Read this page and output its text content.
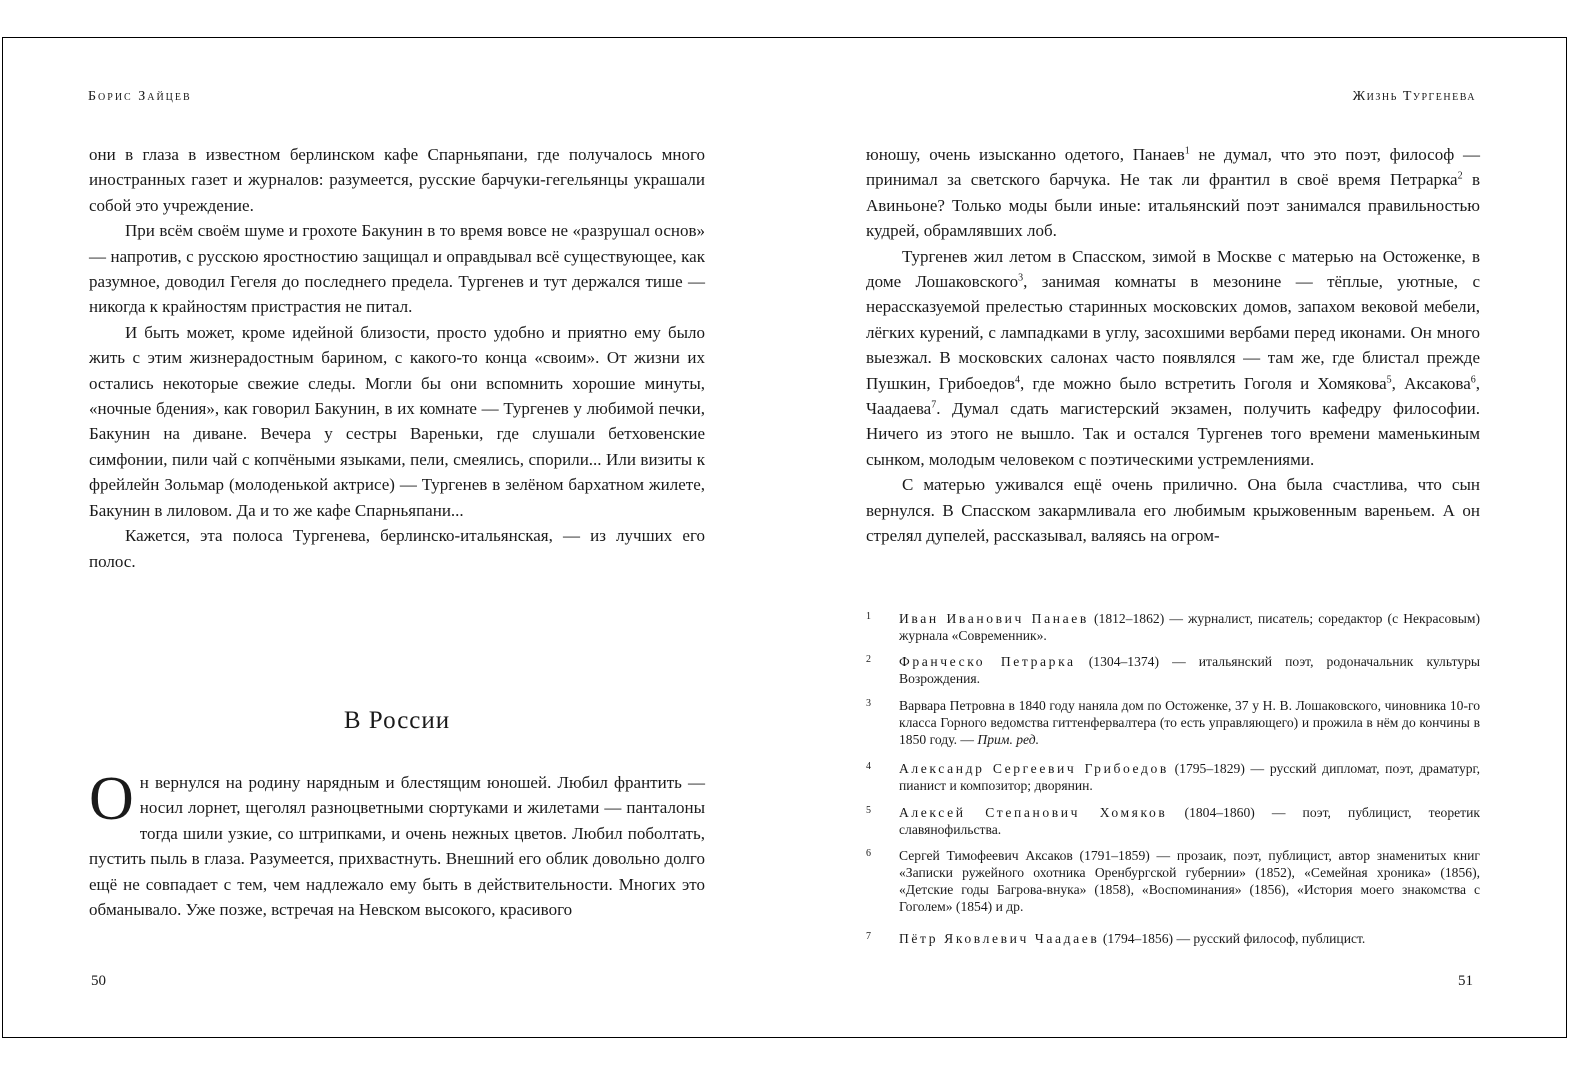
Борис Зайцев

они в глаза в известном берлинском кафе Спарньяпани, где получалось много иностранных газет и журналов: разумеется, русские барчуки-гегельянцы украшали собой это учреждение.

При всём своём шуме и грохоте Бакунин в то время вовсе не «разрушал основ» — напротив, с русскою яростностию защищал и оправдывал всё существующее, как разумное, доводил Гегеля до последнего предела. Тургенев и тут держался тише — никогда к крайностям пристрастия не питал.

И быть может, кроме идейной близости, просто удобно и приятно ему было жить с этим жизнерадостным барином, с какого-то конца «своим». От жизни их остались некоторые свежие следы. Могли бы они вспомнить хорошие минуты, «ночные бдения», как говорил Бакунин, в их комнате — Тургенев у любимой печки, Бакунин на диване. Вечера у сестры Вареньки, где слушали бетховенские симфонии, пили чай с копчёными языками, пели, смеялись, спорили... Или визиты к фрейлейн Зольмар (молоденькой актрисе) — Тургенев в зелёном бархатном жилете, Бакунин в лиловом. Да и то же кафе Спарньяпани...

Кажется, эта полоса Тургенева, берлинско-итальянская, — из лучших его полос.

В России
Он вернулся на родину нарядным и блестящим юношей. Любил франтить — носил лорнет, щеголял разноцветными сюртуками и жилетами — панталоны тогда шили узкие, со штрипками, и очень нежных цветов. Любил поболтать, пустить пыль в глаза. Разумеется, прихвастнуть. Внешний его облик довольно долго ещё не совпадает с тем, чем надлежало ему быть в действительности. Многих это обманывало. Уже позже, встречая на Невском высокого, красивого
50
Жизнь Тургенева

юношу, очень изысканно одетого, Панаев$^1$ не думал, что это поэт, философ — принимал за светского барчука. Не так ли франтил в своё время Петрарка$^2$ в Авиньоне? Только моды были иные: итальянский поэт занимался правильностью кудрей, обрамлявших лоб.

Тургенев жил летом в Спасском, зимой в Москве с матерью на Остоженке, в доме Лошаковского$^3$, занимая комнаты в мезонине — тёплые, уютные, с нерассказуемой прелестью старинных московских домов, запахом вековой мебели, лёгких курений, с лампадками в углу, засохшими вербами перед иконами. Он много выезжал. В московских салонах часто появлялся — там же, где блистал прежде Пушкин, Грибоедов$^4$, где можно было встретить Гоголя и Хомякова$^5$, Аксакова$^6$, Чаадаева$^7$. Думал сдать магистерский экзамен, получить кафедру философии. Ничего из этого не вышло. Так и остался Тургенев того времени маменькиным сынком, молодым человеком с поэтическими устремлениями.

С матерью уживался ещё очень прилично. Она была счастлива, что сын вернулся. В Спасском закармливала его любимым крыжовенным вареньем. А он стрелял дупелей, рассказывал, валяясь на огром-

1 Иван Иванович Панаев (1812–1862) — журналист, писатель; соредактор (с Некрасовым) журнала «Современник».
2 Франческо Петрарка (1304–1374) — итальянский поэт, родоначальник культуры Возрождения.
3 Варвара Петровна в 1840 году наняла дом по Остоженке, 37 у Н. В. Лошаковского, чиновника 10-го класса Горного ведомства гиттенфервалтера (то есть управляющего) и прожила в нём до кончины в 1850 году. — Прим. ред.
4 Александр Сергеевич Грибоедов (1795–1829) — русский дипломат, поэт, драматург, пианист и композитор; дворянин.
5 Алексей Степанович Хомяков (1804–1860) — поэт, публицист, теоретик славянофильства.
6 Сергей Тимофеевич Аксаков (1791–1859) — прозаик, поэт, публицист, автор знаменитых книг «Записки ружейного охотника Оренбургской губернии» (1852), «Семейная хроника» (1856), «Детские годы Багрова-внука» (1858), «Воспоминания» (1856), «История моего знакомства с Гоголем» (1854) и др.
7 Пётр Яковлевич Чаадаев (1794–1856) — русский философ, публицист.
51
